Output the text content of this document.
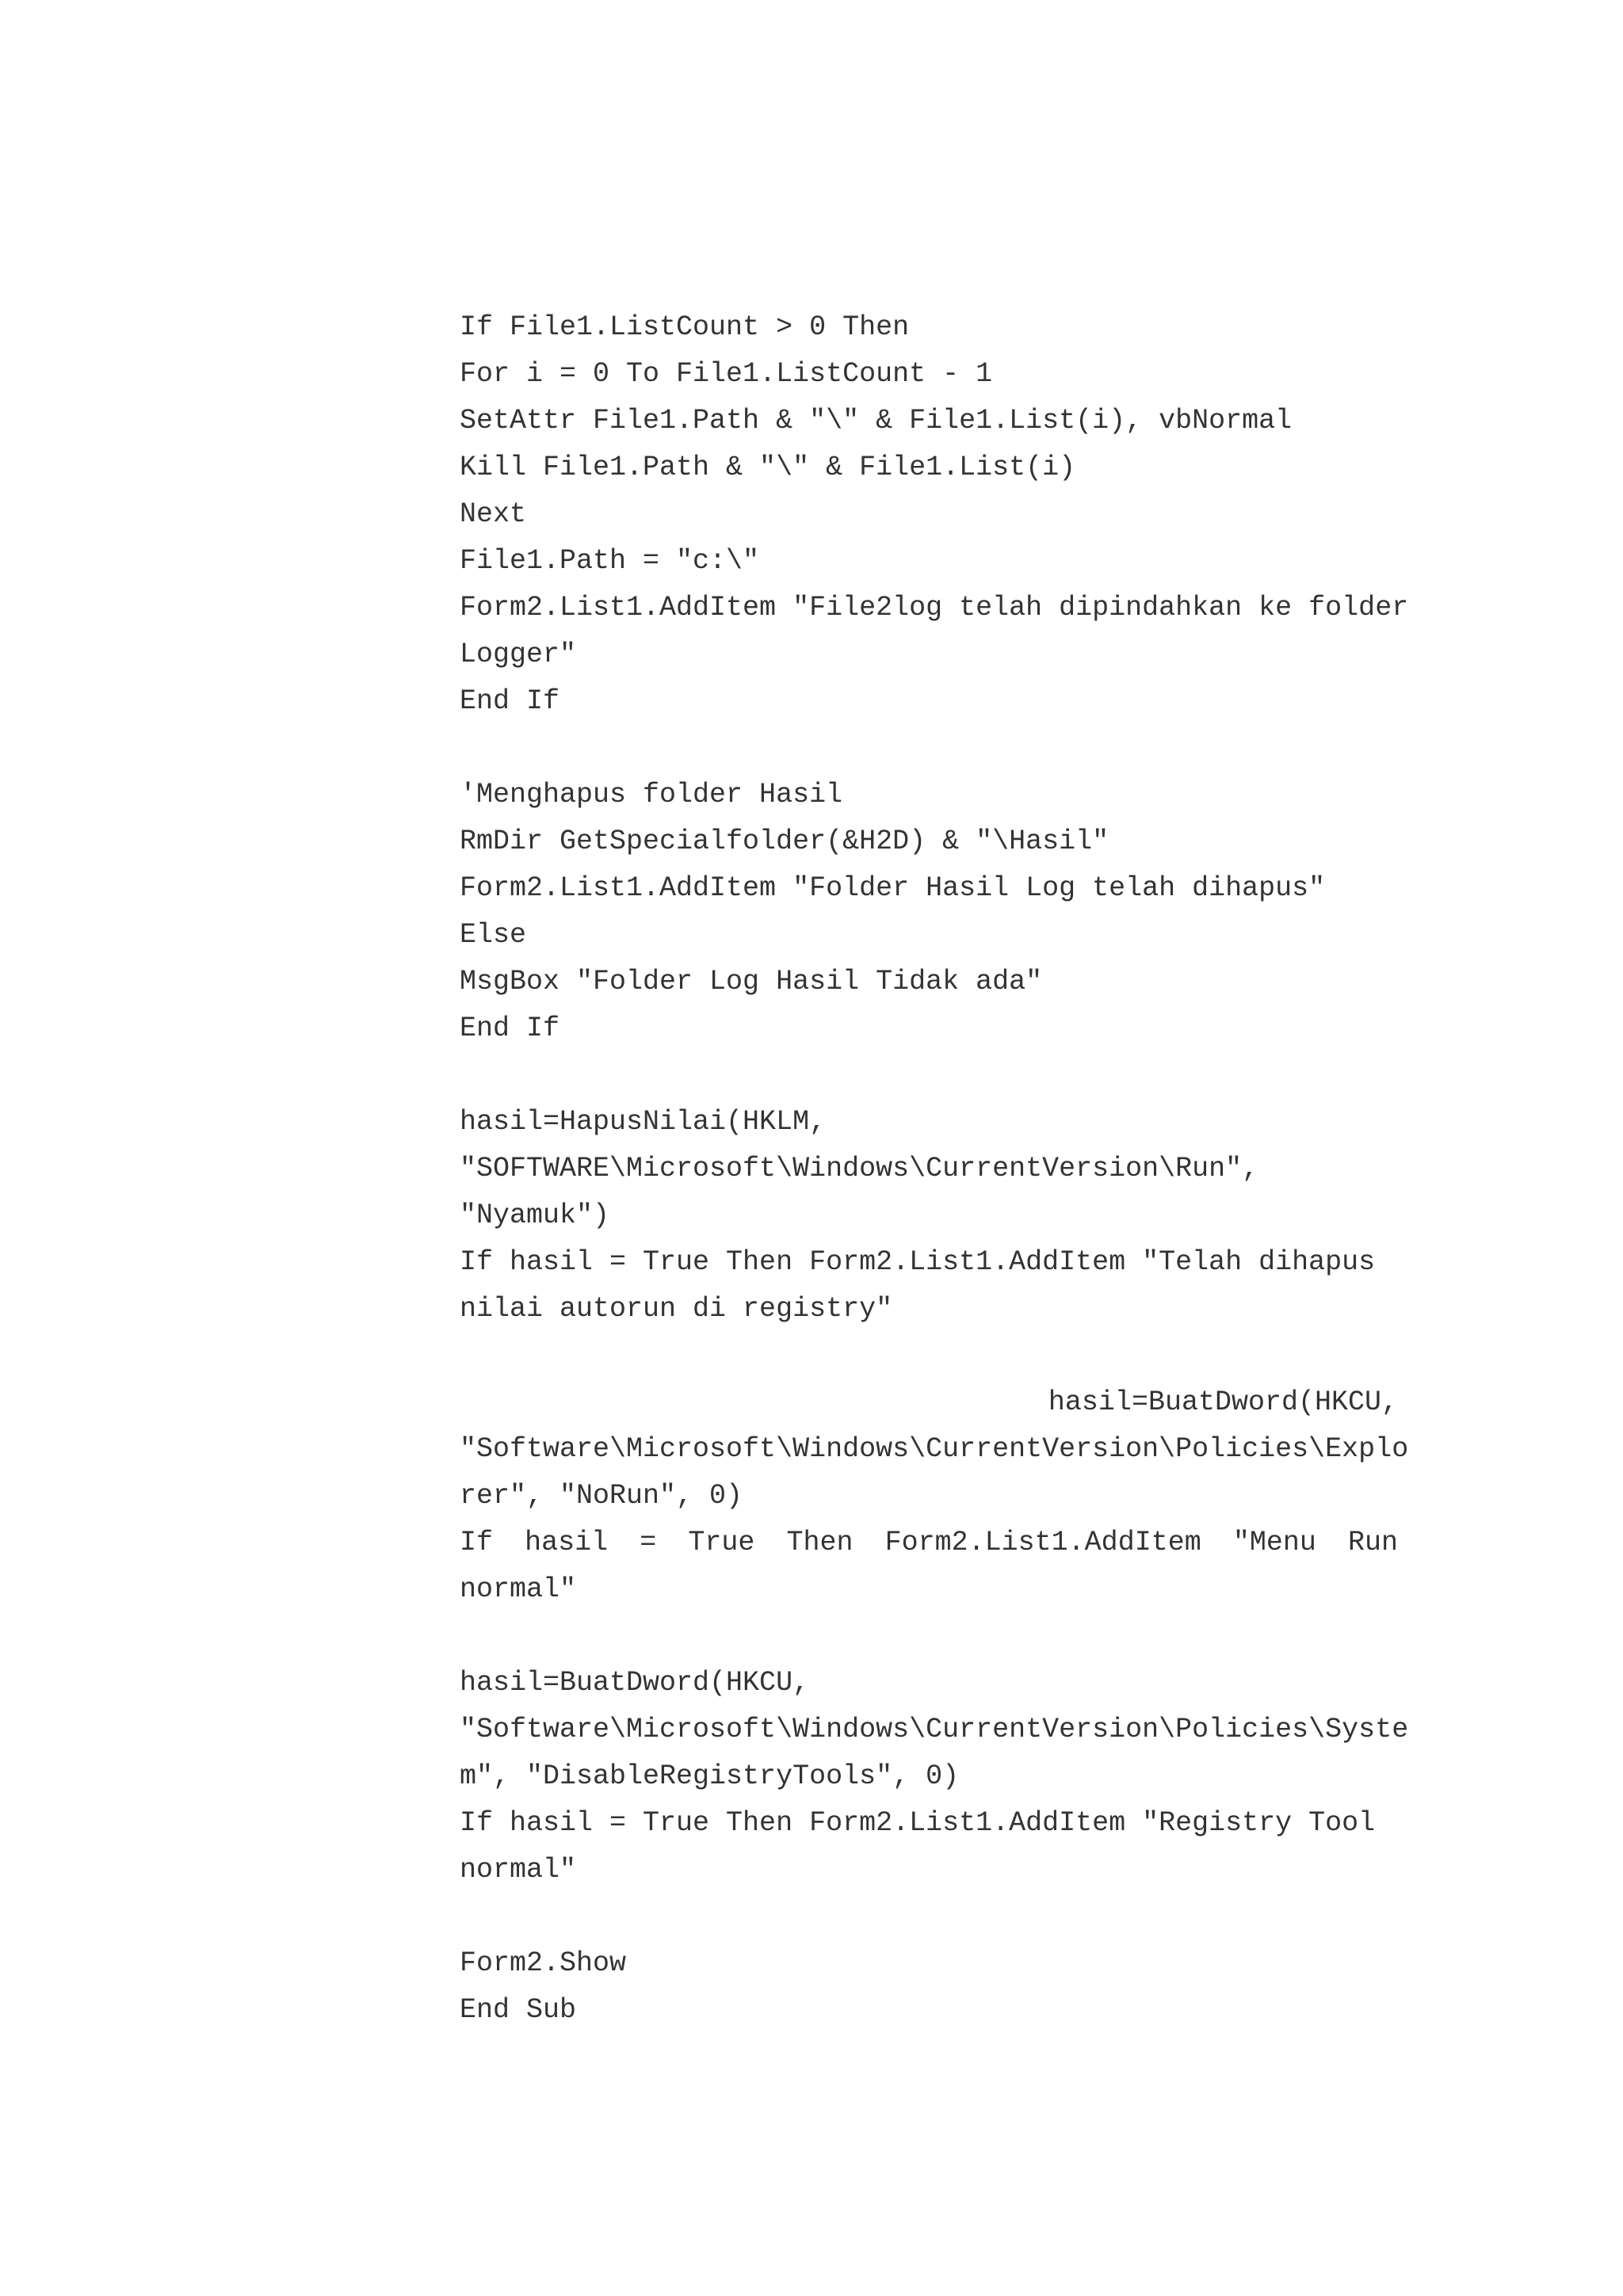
If File1.ListCount > 0 Then
For i = 0 To File1.ListCount - 1
SetAttr File1.Path & "\" & File1.List(i), vbNormal
Kill File1.Path & "\" & File1.List(i)
Next
File1.Path = "c:\"
Form2.List1.AddItem "File2log telah dipindahkan ke folder
Logger"
End If
'Menghapus folder Hasil
RmDir GetSpecialfolder(&H2D) & "\Hasil"
Form2.List1.AddItem "Folder Hasil Log telah dihapus"
Else
MsgBox "Folder Log Hasil Tidak ada"
End If
hasil=HapusNilai(HKLM,
"SOFTWARE\Microsoft\Windows\CurrentVersion\Run",
"Nyamuk")
If hasil = True Then Form2.List1.AddItem "Telah dihapus
nilai autorun di registry"
hasil=BuatDword(HKCU,
"Software\Microsoft\Windows\CurrentVersion\Policies\Explo
rer", "NoRun", 0)
If hasil = True Then Form2.List1.AddItem "Menu Run
normal"
hasil=BuatDword(HKCU,
"Software\Microsoft\Windows\CurrentVersion\Policies\Syste
m", "DisableRegistryTools", 0)
If hasil = True Then Form2.List1.AddItem "Registry Tool
normal"
Form2.Show
End Sub
